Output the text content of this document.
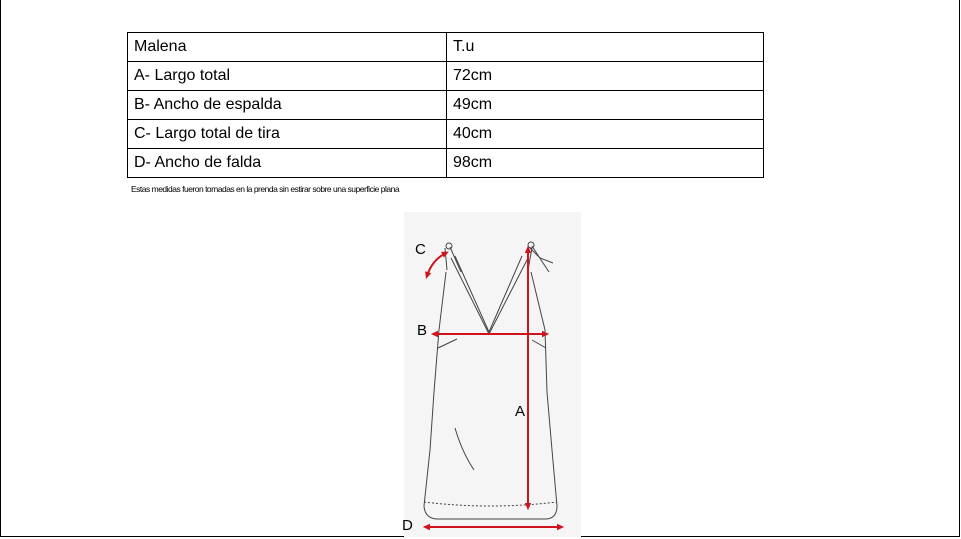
Malena	T.u
A- Largo total	72cm
B- Ancho de espalda	49cm
C- Largo total de tira	40cm
D- Ancho de falda	98cm
Estas medidas fueron tomadas en la prenda sin estirar sobre una superficie plana
C
B
A
D
